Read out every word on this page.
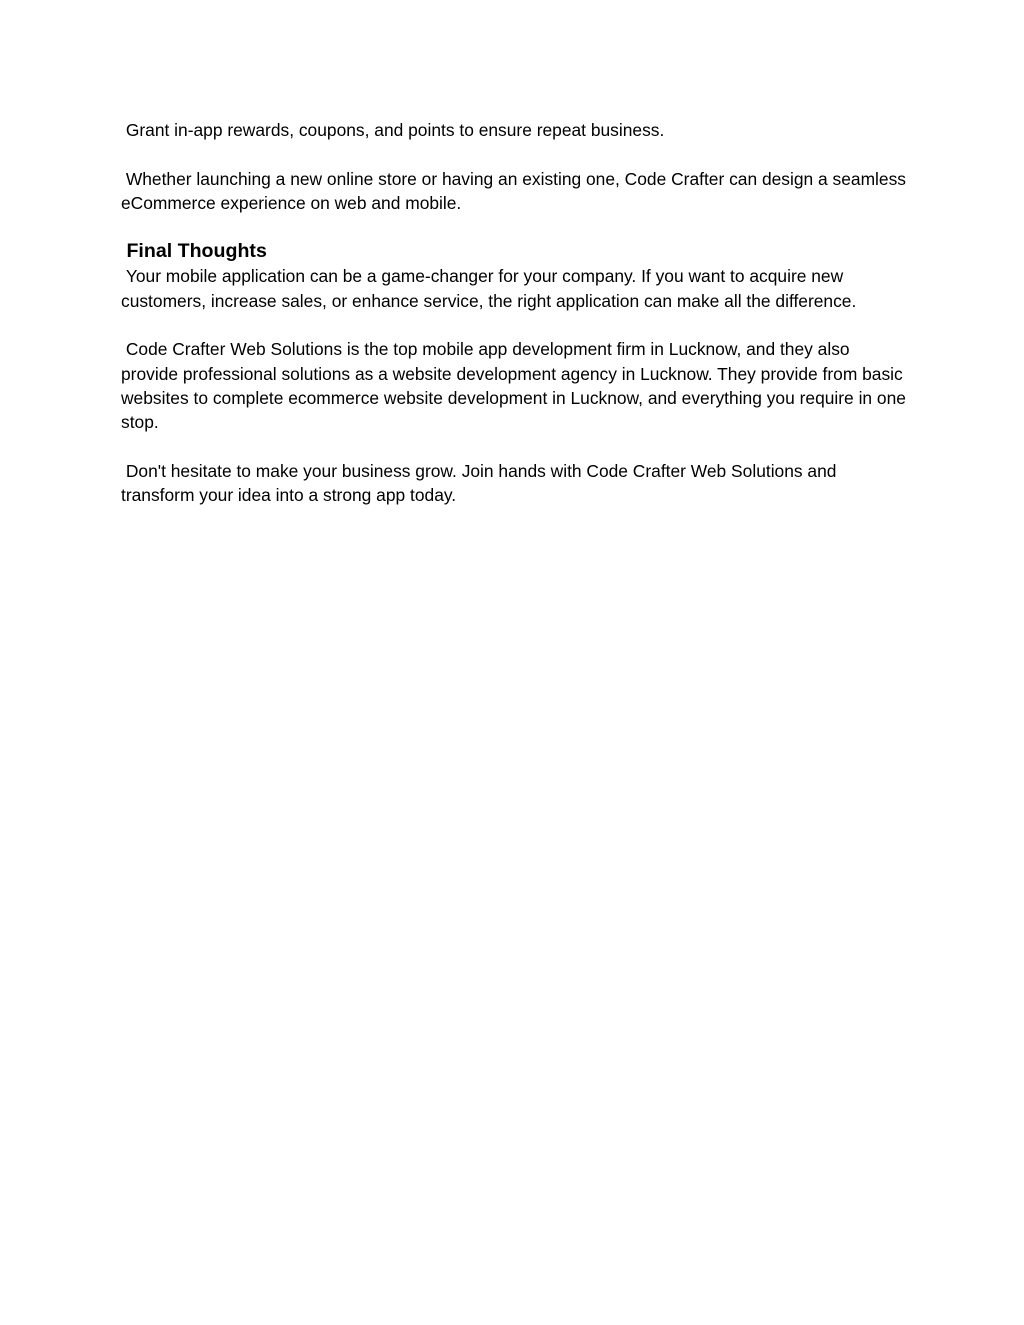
Grant in-app rewards, coupons, and points to ensure repeat business.

Whether launching a new online store or having an existing one, Code Crafter can design a seamless eCommerce experience on web and mobile.

Final Thoughts

Your mobile application can be a game-changer for your company. If you want to acquire new customers, increase sales, or enhance service, the right application can make all the difference.

Code Crafter Web Solutions is the top mobile app development firm in Lucknow, and they also provide professional solutions as a website development agency in Lucknow. They provide from basic websites to complete ecommerce website development in Lucknow, and everything you require in one stop.

Don't hesitate to make your business grow. Join hands with Code Crafter Web Solutions and transform your idea into a strong app today.
